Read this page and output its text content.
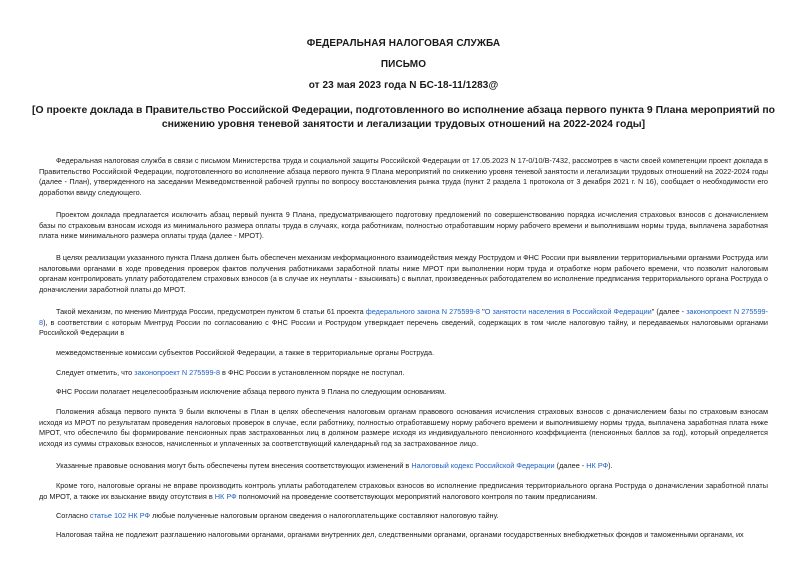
ФЕДЕРАЛЬНАЯ НАЛОГОВАЯ СЛУЖБА
ПИСЬМО
от 23 мая 2023 года N БС-18-11/1283@
[О проекте доклада в Правительство Российской Федерации, подготовленного во исполнение абзаца первого пункта 9 Плана мероприятий по снижению уровня теневой занятости и легализации трудовых отношений на 2022-2024 годы]

Федеральная налоговая служба в связи с письмом Министерства труда и социальной защиты Российской Федерации от 17.05.2023 N 17-0/10/В-7432, рассмотрев в части своей компетенции проект доклада в Правительство Российской Федерации, подготовленного во исполнение абзаца первого пункта 9 Плана мероприятий по снижению уровня теневой занятости и легализации трудовых отношений на 2022-2024 годы (далее - План), утвержденного на заседании Межведомственной рабочей группы по вопросу восстановления рынка труда (пункт 2 раздела 1 протокола от 3 декабря 2021 г. N 16), сообщает о необходимости его доработки ввиду следующего.

Проектом доклада предлагается исключить абзац первый пункта 9 Плана, предусматривающего подготовку предложений по совершенствованию порядка исчисления страховых взносов с доначислением базы по страховым взносам исходя из минимального размера оплаты труда в случаях, когда работникам, полностью отработавшим норму рабочего времени и выполнившим нормы труда, выплачена заработная плата ниже минимального размера оплаты труда (далее - МРОТ).

В целях реализации указанного пункта Плана должен быть обеспечен механизм информационного взаимодействия между Рострудом и ФНС России при выявлении территориальными органами Роструда или налоговыми органами в ходе проведения проверок фактов получения работниками заработной платы ниже МРОТ при выполнении норм труда и отработке норм рабочего времени, что позволит налоговым органам контролировать уплату работодателем страховых взносов (а в случае их неуплаты - взыскивать) с выплат, произведенных работодателем во исполнение предписания территориального органа Роструда о доначислении заработной платы до МРОТ.

Такой механизм, по мнению Минтруда России, предусмотрен пунктом 6 статьи 61 проекта федерального закона N 275599-8 "О занятости населения в Российской Федерации" (далее - законопроект N 275599-8), в соответствии с которым Минтруд России по согласованию с ФНС России и Рострудом утверждает перечень сведений, содержащих в том числе налоговую тайну, и передаваемых налоговыми органами Российской Федерации в

межведомственные комиссии субъектов Российской Федерации, а также в территориальные органы Роструда.

Следует отметить, что законопроект N 275599-8 в ФНС России в установленном порядке не поступал.

ФНС России полагает нецелесообразным исключение абзаца первого пункта 9 Плана по следующим основаниям.

Положения абзаца первого пункта 9 были включены в План в целях обеспечения налоговым органам правового основания исчисления страховых взносов с доначислением базы по страховым взносам исходя из МРОТ по результатам проведения налоговых проверок в случае, если работнику, полностью отработавшему норму рабочего времени и выполнившему нормы труда, выплачена заработная плата ниже МРОТ, что обеспечило бы формирование пенсионных прав застрахованных лиц в должном размере исходя из индивидуального пенсионного коэффициента (пенсионных баллов за год), который определяется исходя из суммы страховых взносов, начисленных и уплаченных за соответствующий календарный год за застрахованное лицо.

Указанные правовые основания могут быть обеспечены путем внесения соответствующих изменений в Налоговый кодекс Российской Федерации (далее - НК РФ).

Кроме того, налоговые органы не вправе производить контроль уплаты работодателем страховых взносов во исполнение предписания территориального органа Роструда о доначислении заработной платы до МРОТ, а также их взыскание ввиду отсутствия в НК РФ полномочий на проведение соответствующих мероприятий налогового контроля по таким предписаниям.

Согласно статье 102 НК РФ любые полученные налоговым органом сведения о налогоплательщике составляют налоговую тайну.

Налоговая тайна не подлежит разглашению налоговыми органами, органами внутренних дел, следственными органами, органами государственных внебюджетных фондов и таможенными органами, их
